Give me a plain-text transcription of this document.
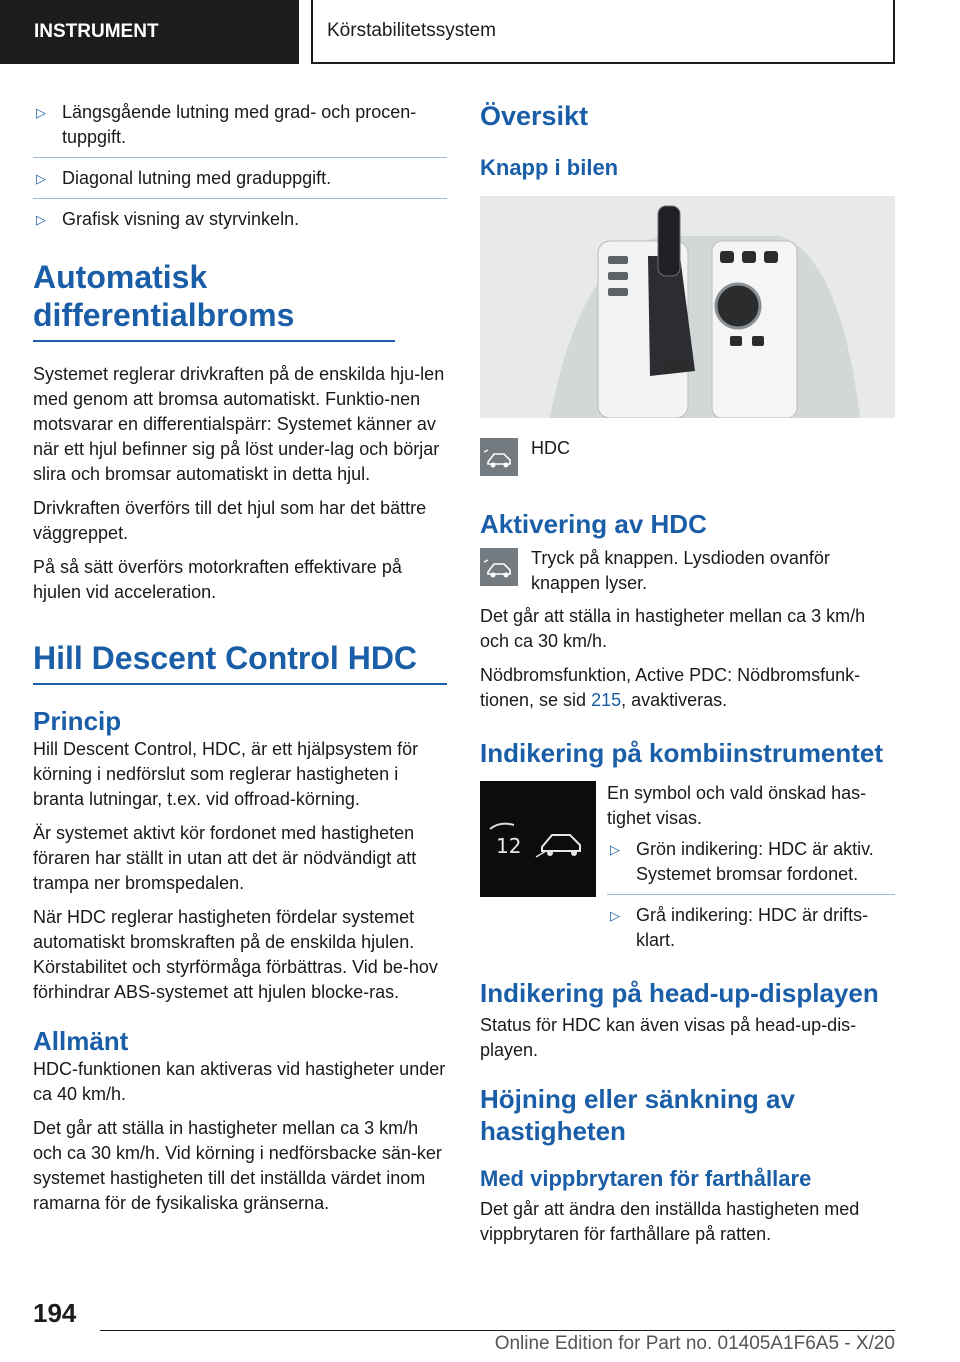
INSTRUMENT	Körstabilitetssystem
▷ Längsgående lutning med grad- och procen-tuppgift.
▷ Diagonal lutning med graduppgift.
▷ Grafisk visning av styrvinkeln.
Automatisk differentialbroms

Systemet reglerar drivkraften på de enskilda hju-len med genom att bromsa automatiskt. Funktio-nen motsvarar en differentialspärr: Systemet känner av när ett hjul befinner sig på löst under-lag och börjar slira och bromsar automatiskt in detta hjul.

Drivkraften överförs till det hjul som har det bättre väggreppet.

På så sätt överförs motorkraften effektivare på hjulen vid acceleration.

Hill Descent Control HDC
Princip

Hill Descent Control, HDC, är ett hjälpsystem för körning i nedförslut som reglerar hastigheten i branta lutningar, t.ex. vid offroad-körning.

Är systemet aktivt kör fordonet med hastigheten föraren har ställt in utan att det är nödvändigt att trampa ner bromspedalen.

När HDC reglerar hastigheten fördelar systemet automatiskt bromskraften på de enskilda hjulen. Körstabilitet och styrförmåga förbättras. Vid be-hov förhindrar ABS-systemet att hjulen blocke-ras.

Allmänt

HDC-funktionen kan aktiveras vid hastigheter under ca 40 km/h.

Det går att ställa in hastigheter mellan ca 3 km/h och ca 30 km/h. Vid körning i nedförsbacke sän-ker systemet hastigheten till det inställda värdet inom ramarna för de fysikaliska gränserna.

Översikt
Knapp i bilen
HDC
Aktivering av HDC

Tryck på knappen. Lysdioden ovanför knappen lyser.

Det går att ställa in hastigheter mellan ca 3 km/h och ca 30 km/h.

Nödbromsfunktion, Active PDC: Nödbromsfunk-tionen, se sid 215, avaktiveras.

Indikering på kombiinstrumentet
12

En symbol och vald önskad has-tighet visas.

▷ Grön indikering: HDC är aktiv. Systemet bromsar fordonet.
▷ Grå indikering: HDC är drifts-klart.
Indikering på head-up-displayen

Status för HDC kan även visas på head-up-dis-playen.

Höjning eller sänkning av hastigheten
Med vippbrytaren för farthållare

Det går att ändra den inställda hastigheten med vippbrytaren för farthållare på ratten.

194
Online Edition for Part no. 01405A1F6A5 - X/20
